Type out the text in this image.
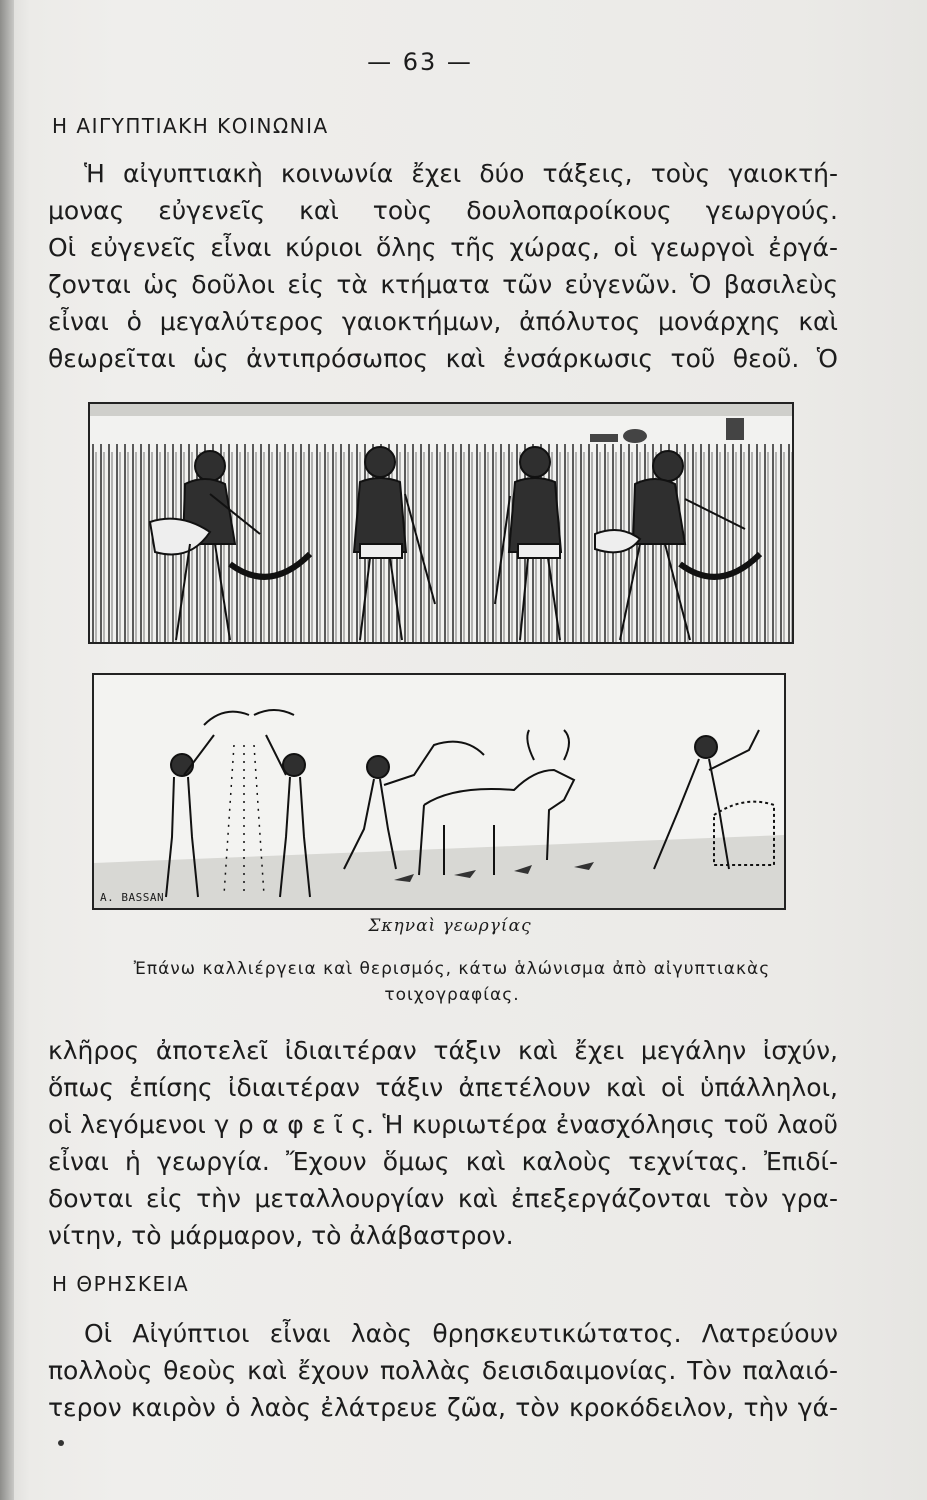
— 63 —
Η ΑΙΓΥΠΤΙΑΚΗ ΚΟΙΝΩΝΙΑ
Ἡ αἰγυπτιακὴ κοινωνία ἔχει δύο τάξεις, τοὺς γαιοκτή-
μονας εὐγενεῖς καὶ τοὺς δουλοπαροίκους γεωργούς.
Οἱ εὐγενεῖς εἶναι κύριοι ὅλης τῆς χώρας, οἱ γεωργοὶ ἐργά-
ζονται ὡς δοῦλοι εἰς τὰ κτήματα τῶν εὐγενῶν. Ὁ βασιλεὺς
εἶναι ὁ μεγαλύτερος γαιοκτήμων, ἀπόλυτος μονάρχης καὶ
θεωρεῖται ὡς ἀντιπρόσωπος καὶ ἐνσάρκωσις τοῦ θεοῦ. Ὁ
A. BASSAN
Σκηναὶ γεωργίας
Ἐπάνω καλλιέργεια καὶ θερισμός, κάτω ἁλώνισμα ἀπὸ αἰγυπτιακὰς
τοιχογραφίας.
κλῆρος ἀποτελεῖ ἰδιαιτέραν τάξιν καὶ ἔχει μεγάλην ἰσχύν,
ὅπως ἐπίσης ἰδιαιτέραν τάξιν ἀπετέλουν καὶ οἱ ὑπάλληλοι,
οἱ λεγόμενοι γ ρ α φ ε ῖ ς. Ἡ κυριωτέρα ἐνασχόλησις τοῦ λαοῦ
εἶναι ἡ γεωργία. Ἔχουν ὅμως καὶ καλοὺς τεχνίτας. Ἐπιδί-
δονται εἰς τὴν μεταλλουργίαν καὶ ἐπεξεργάζονται τὸν γρα-
νίτην, τὸ μάρμαρον, τὸ ἀλάβαστρον.
Η ΘΡΗΣΚΕΙΑ
Οἱ Αἰγύπτιοι εἶναι λαὸς θρησκευτικώτατος. Λατρεύουν
πολλοὺς θεοὺς καὶ ἔχουν πολλὰς δεισιδαιμονίας. Τὸν παλαιό-
τερον καιρὸν ὁ λαὸς ἐλάτρευε ζῶα, τὸν κροκόδειλον, τὴν γά-
